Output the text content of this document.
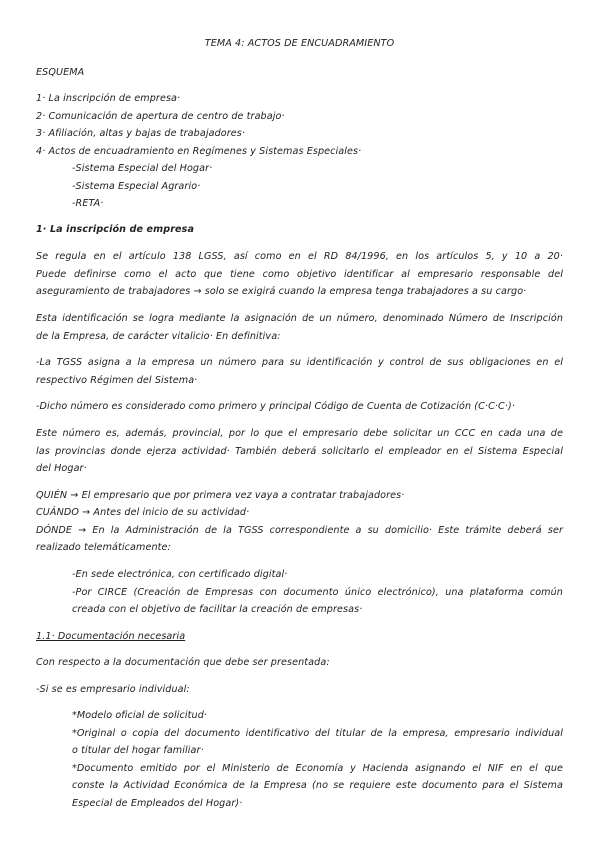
TEMA 4: ACTOS DE ENCUADRAMIENTO
ESQUEMA
1· La inscripción de empresa·
2· Comunicación de apertura de centro de trabajo·
3· Afiliación, altas y bajas de trabajadores·
4· Actos de encuadramiento en Regímenes y Sistemas Especiales·
-Sistema Especial del Hogar·
-Sistema Especial Agrario·
-RETA·
1· La inscripción de empresa
Se regula en el artículo 138 LGSS, así como en el RD 84/1996, en los artículos 5, y 10 a 20·
Puede definirse como el acto que tiene como objetivo identificar al empresario responsable del
aseguramiento de trabajadores → solo se exigirá cuando la empresa tenga trabajadores a su cargo·
Esta identificación se logra mediante la asignación de un número, denominado Número de Inscripción
de la Empresa, de carácter vitalicio· En definitiva:
-La TGSS asigna a la empresa un número para su identificación y control de sus obligaciones en el
respectivo Régimen del Sistema·
-Dicho número es considerado como primero y principal Código de Cuenta de Cotización (C·C·C·)·
Este número es, además, provincial, por lo que el empresario debe solicitar un CCC en cada una de
las provincias donde ejerza actividad· También deberá solicitarlo el empleador en el Sistema Especial
del Hogar·
QUIÉN → El empresario que por primera vez vaya a contratar trabajadores·
CUÁNDO → Antes del inicio de su actividad·
DÓNDE → En la Administración de la TGSS correspondiente a su domicilio· Este trámite deberá ser
realizado telemáticamente:
-En sede electrónica, con certificado digital·
-Por CIRCE (Creación de Empresas con documento único electrónico), una plataforma común
creada con el objetivo de facilitar la creación de empresas·
1.1· Documentación necesaria
Con respecto a la documentación que debe ser presentada:
-Si se es empresario individual:
*Modelo oficial de solicitud·
*Original o copia del documento identificativo del titular de la empresa, empresario individual
o titular del hogar familiar·
*Documento emitido por el Ministerio de Economía y Hacienda asignando el NIF en el que
conste la Actividad Económica de la Empresa (no se requiere este documento para el Sistema
Especial de Empleados del Hogar)·
